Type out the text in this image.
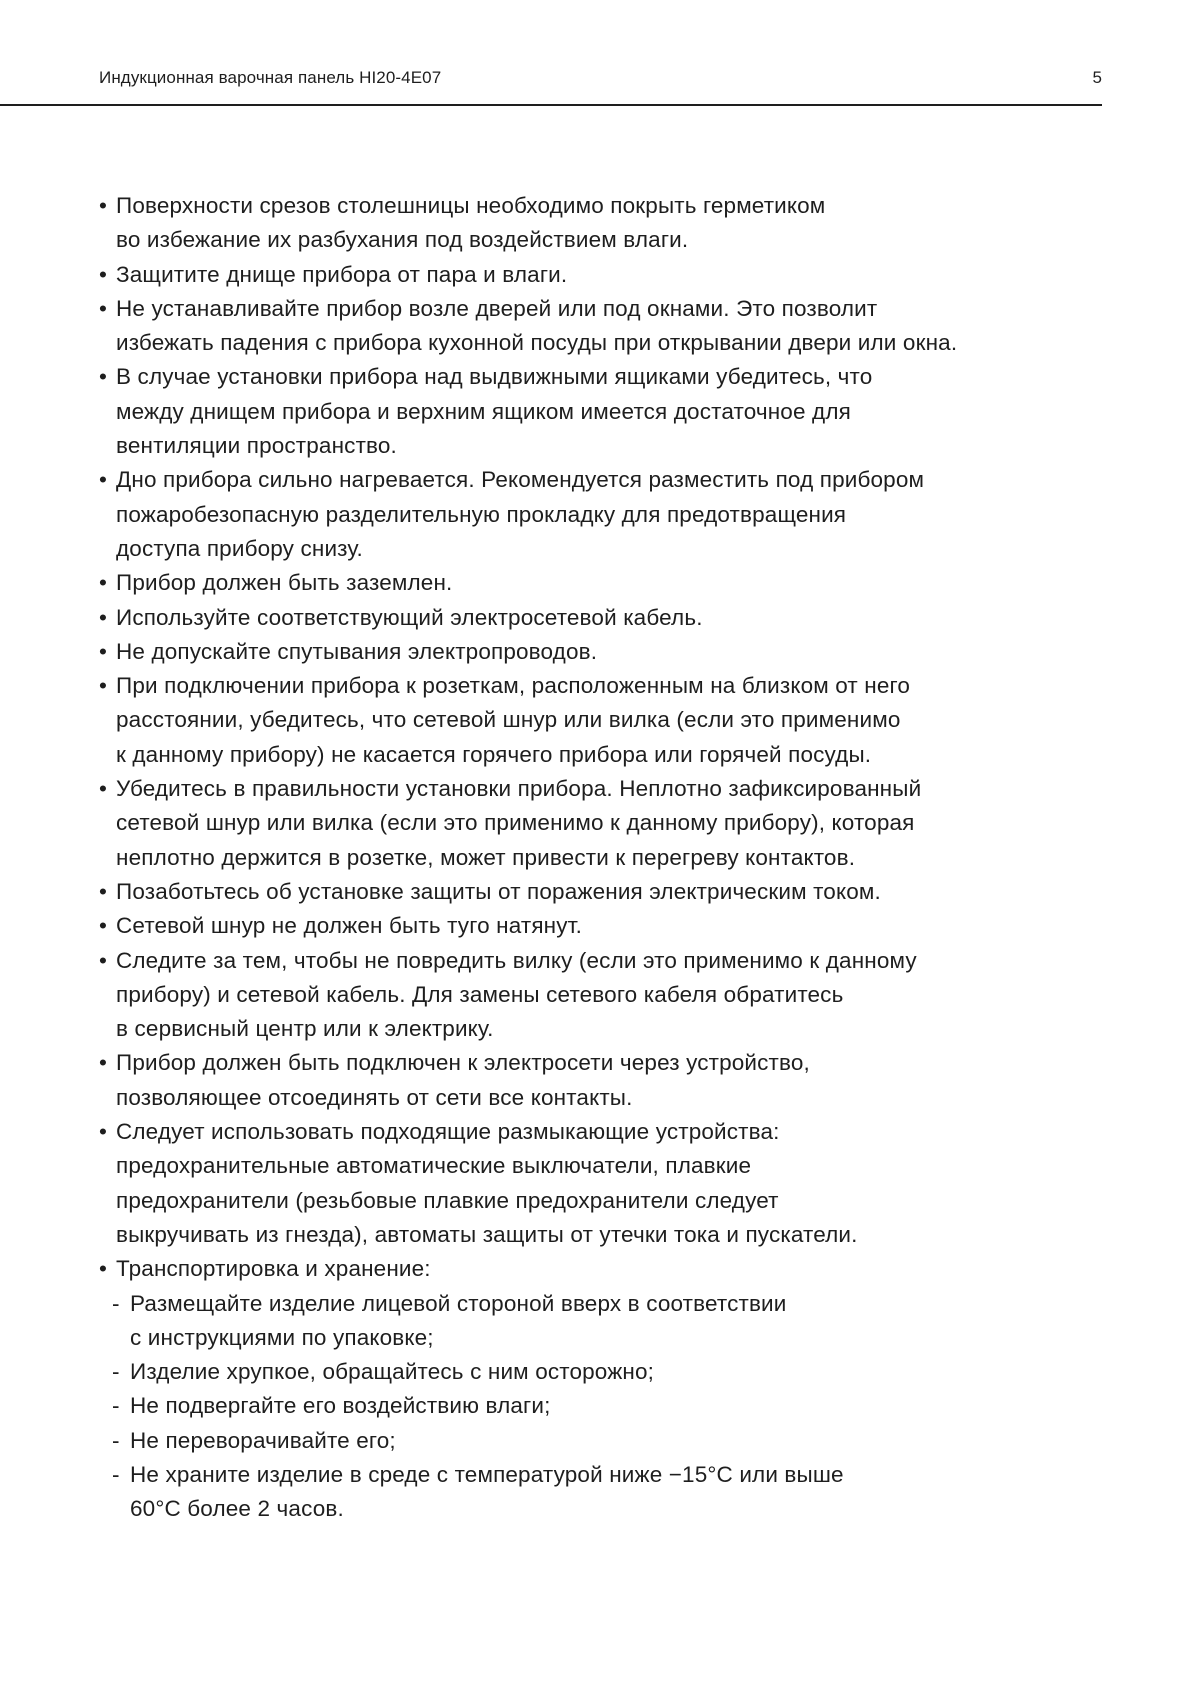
Индукционная варочная панель HI20-4E07	5
• Поверхности срезов столешницы необходимо покрыть герметиком

во избежание их разбухания под воздействием влаги.

• Защитите днище прибора от пара и влаги.

• Не устанавливайте прибор возле дверей или под окнами. Это позволит

избежать падения с прибора кухонной посуды при открывании двери или окна.

• В случае установки прибора над выдвижными ящиками убедитесь, что

между днищем прибора и верхним ящиком имеется достаточное для

вентиляции пространство.

• Дно прибора сильно нагревается. Рекомендуется разместить под прибором

пожаробезопасную разделительную прокладку для предотвращения

доступа прибору снизу.

• Прибор должен быть заземлен.

• Используйте соответствующий электросетевой кабель.

• Не допускайте спутывания электропроводов.

• При подключении прибора к розеткам, расположенным на близком от него

расстоянии, убедитесь, что сетевой шнур или вилка (если это применимо

к данному прибору) не касается горячего прибора или горячей посуды.

• Убедитесь в правильности установки прибора. Неплотно зафиксированный

сетевой шнур или вилка (если это применимо к данному прибору), которая

неплотно держится в розетке, может привести к перегреву контактов.

• Позаботьтесь об установке защиты от поражения электрическим током.

• Сетевой шнур не должен быть туго натянут.

• Следите за тем, чтобы не повредить вилку (если это применимо к данному

прибору) и сетевой кабель. Для замены сетевого кабеля обратитесь

в сервисный центр или к электрику.

• Прибор должен быть подключен к электросети через устройство,

позволяющее отсоединять от сети все контакты.

• Следует использовать подходящие размыкающие устройства:

предохранительные автоматические выключатели, плавкие

предохранители (резьбовые плавкие предохранители следует

выкручивать из гнезда), автоматы защиты от утечки тока и пускатели.

• Транспортировка и хранение:

- Размещайте изделие лицевой стороной вверх в соответствии

с инструкциями по упаковке;

- Изделие хрупкое, обращайтесь с ним осторожно;

- Не подвергайте его воздействию влаги;

- Не переворачивайте его;

- Не храните изделие в среде с температурой ниже −15°C или выше

60°C более 2 часов.
